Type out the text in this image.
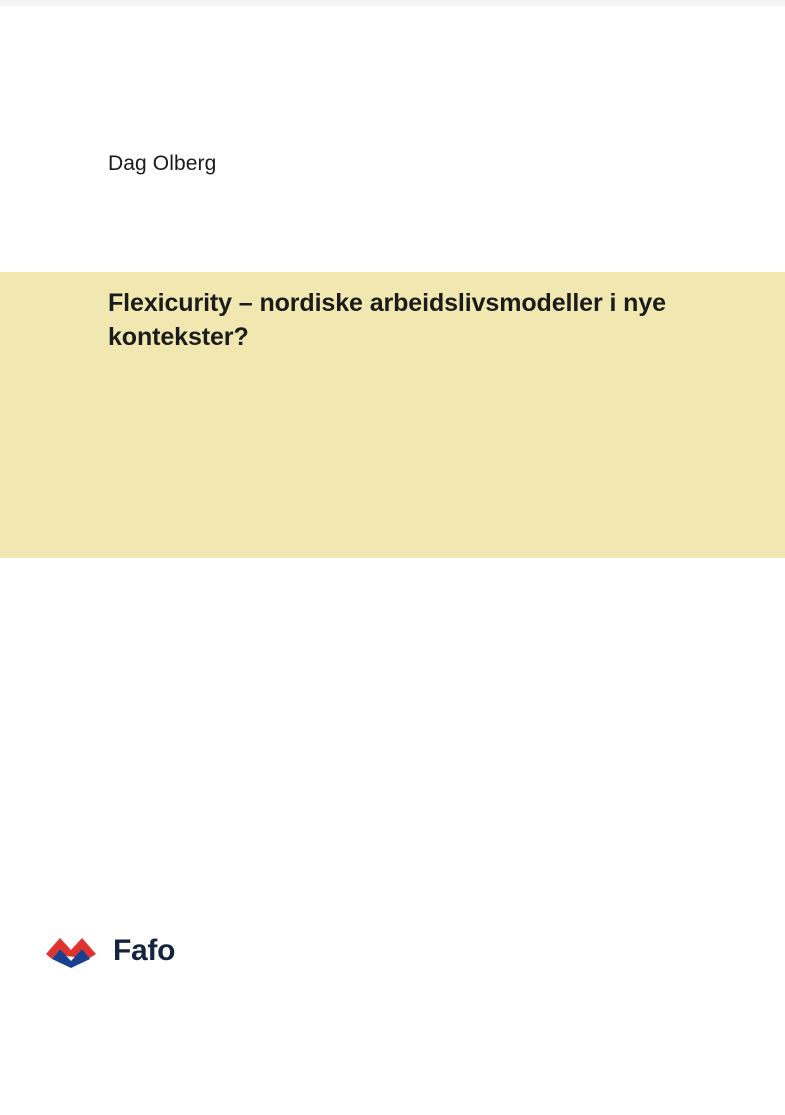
Dag Olberg
Flexicurity – nordiske arbeidslivsmodeller i nye kontekster?
Fafo
